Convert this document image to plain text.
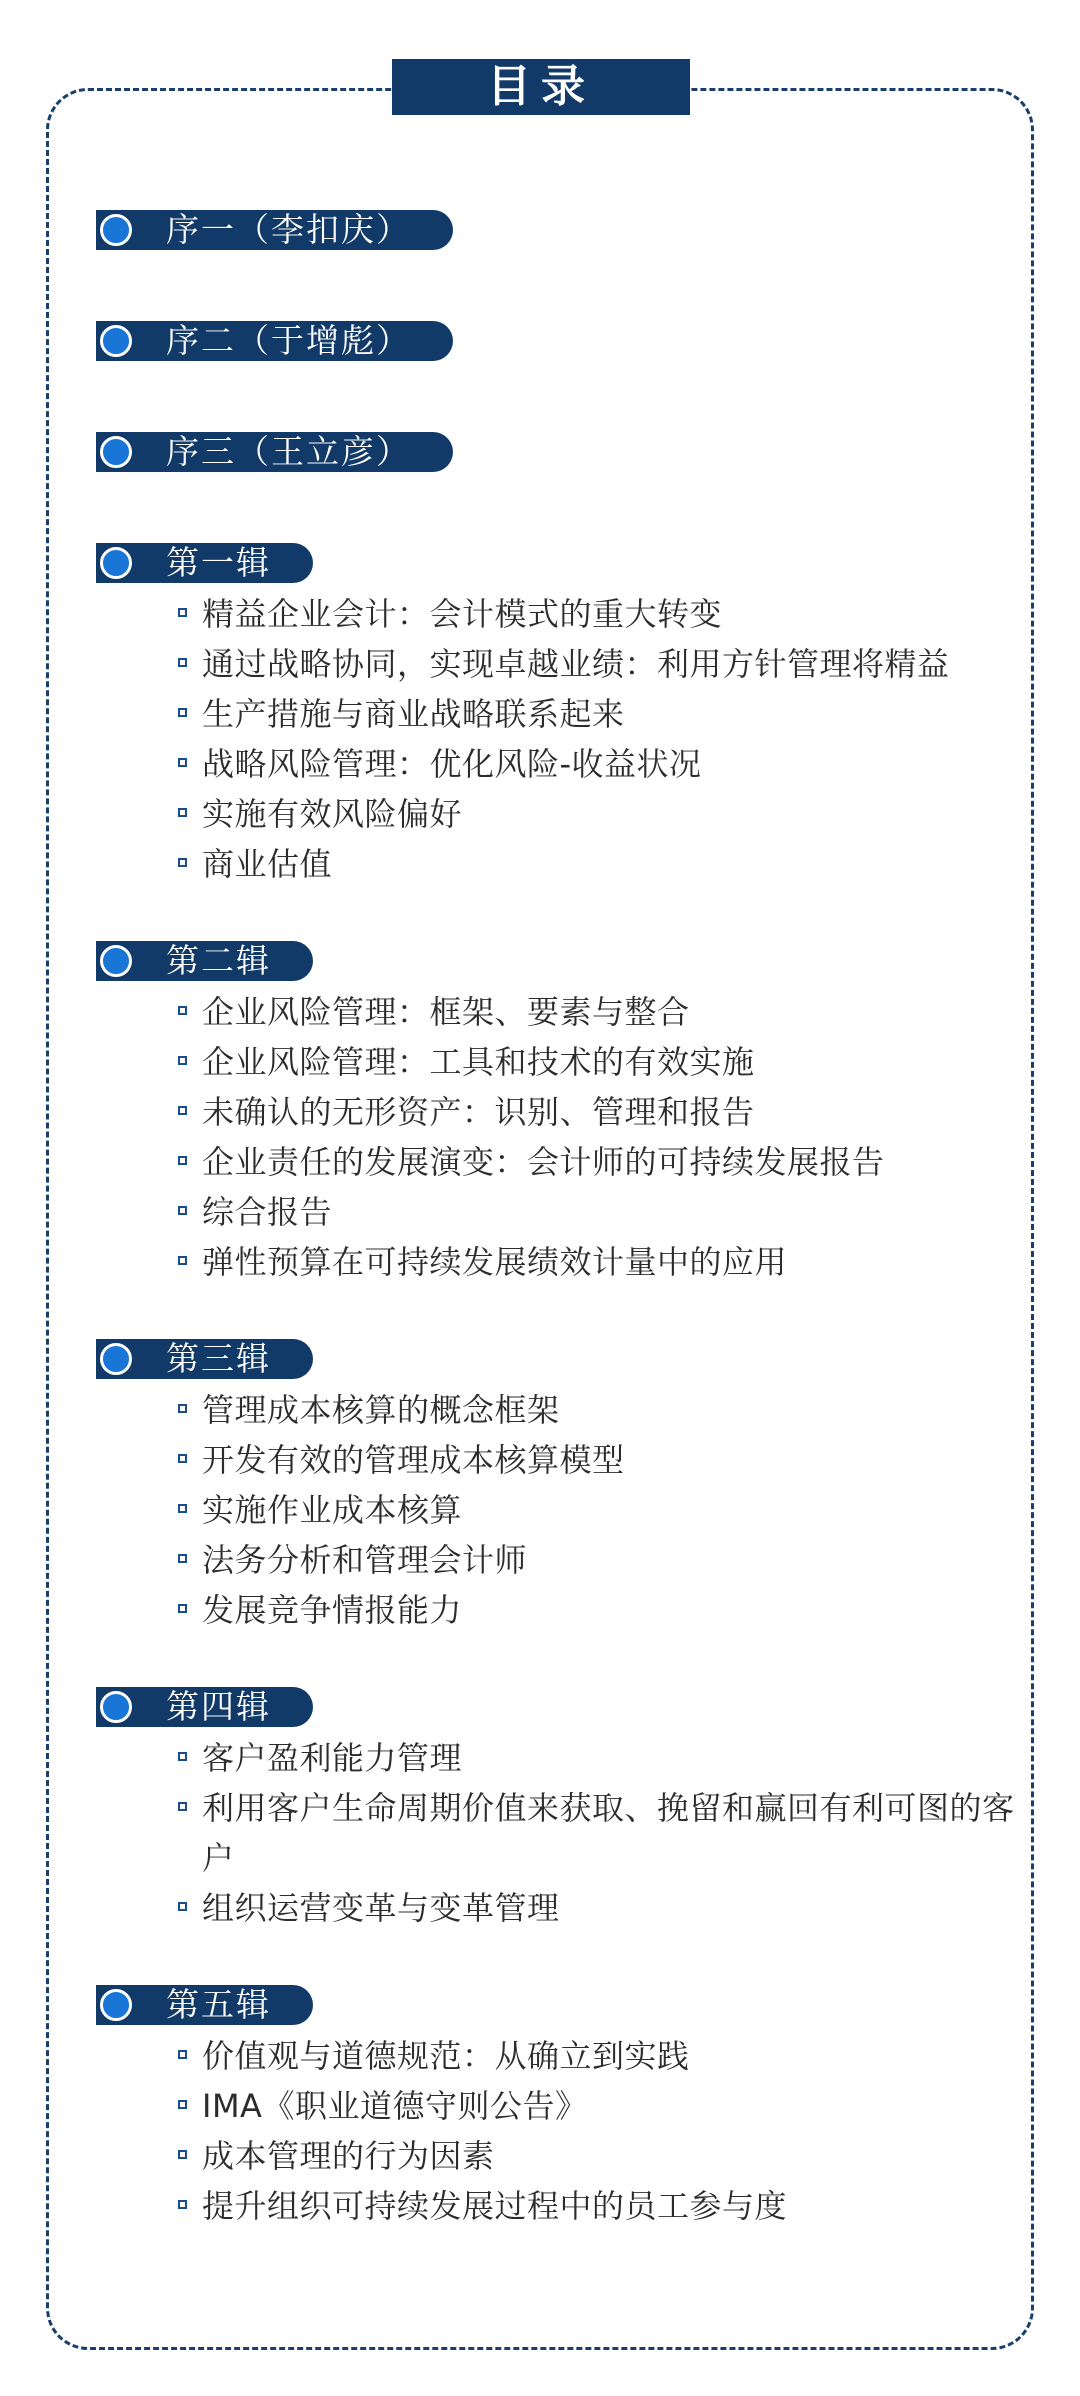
目录
序一（李扣庆）
序二（于增彪）
序三（王立彦）
第一辑
精益企业会计：会计模式的重大转变
通过战略协同，实现卓越业绩：利用方针管理将精益
生产措施与商业战略联系起来
战略风险管理：优化风险-收益状况
实施有效风险偏好
商业估值
第二辑
企业风险管理：框架、要素与整合
企业风险管理：工具和技术的有效实施
未确认的无形资产：识别、管理和报告
企业责任的发展演变：会计师的可持续发展报告
综合报告
弹性预算在可持续发展绩效计量中的应用
第三辑
管理成本核算的概念框架
开发有效的管理成本核算模型
实施作业成本核算
法务分析和管理会计师
发展竞争情报能力
第四辑
客户盈利能力管理
利用客户生命周期价值来获取、挽留和赢回有利可图的客户
组织运营变革与变革管理
第五辑
价值观与道德规范：从确立到实践
IMA《职业道德守则公告》
成本管理的行为因素
提升组织可持续发展过程中的员工参与度
